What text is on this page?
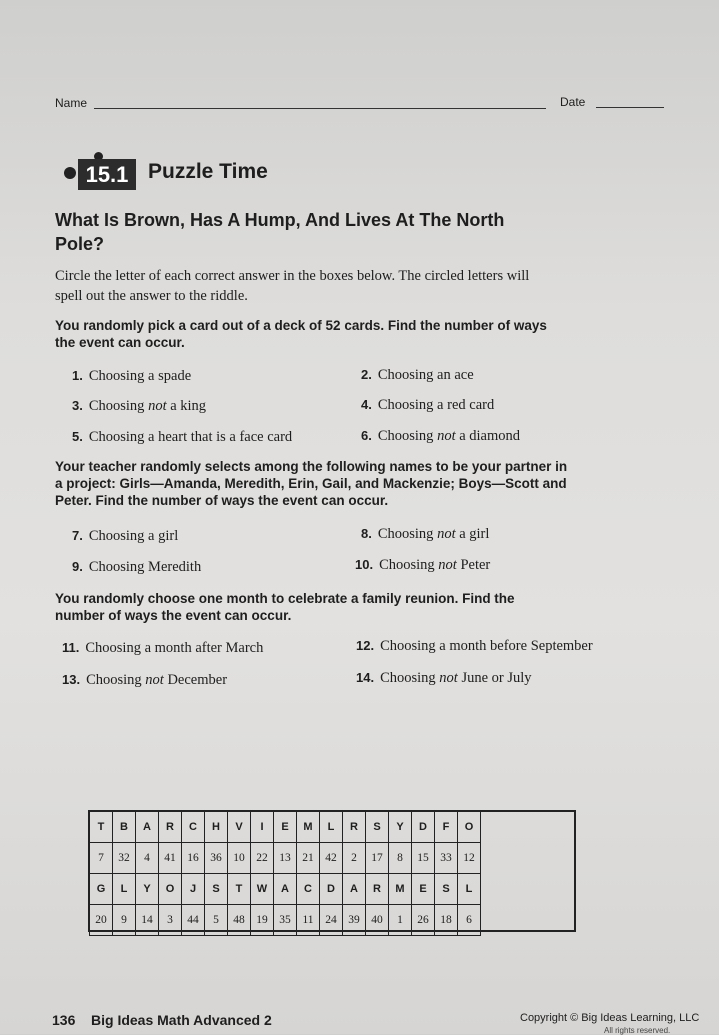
Name	Date
15.1 Puzzle Time
What Is Brown, Has A Hump, And Lives At The North Pole?
Circle the letter of each correct answer in the boxes below. The circled letters will spell out the answer to the riddle.
You randomly pick a card out of a deck of 52 cards. Find the number of ways the event can occur.
Your teacher randomly selects among the following names to be your partner in a project: Girls—Amanda, Meredith, Erin, Gail, and Mackenzie; Boys—Scott and Peter. Find the number of ways the event can occur.
You randomly choose one month to celebrate a family reunion. Find the number of ways the event can occur.
1. Choosing a spade	2. Choosing an ace
3. Choosing not a king	4. Choosing a red card
5. Choosing a heart that is a face card	6. Choosing not a diamond
7. Choosing a girl	8. Choosing not a girl
9. Choosing Meredith	10. Choosing not Peter
11. Choosing a month after March	12. Choosing a month before September
13. Choosing not December	14. Choosing not June or July
T	B	A	R	C	H	V	I	E	M	L	R	S	Y	D	F	O
7	32	4	41	16	36	10	22	13	21	42	2	17	8	15	33	12
G	L	Y	O	J	S	T	W	A	C	D	A	R	M	E	S	L
20	9	14	3	44	5	48	19	35	11	24	39	40	1	26	18	6
136 Big Ideas Math Advanced 2	Copyright © Big Ideas Learning, LLC
All rights reserved.
